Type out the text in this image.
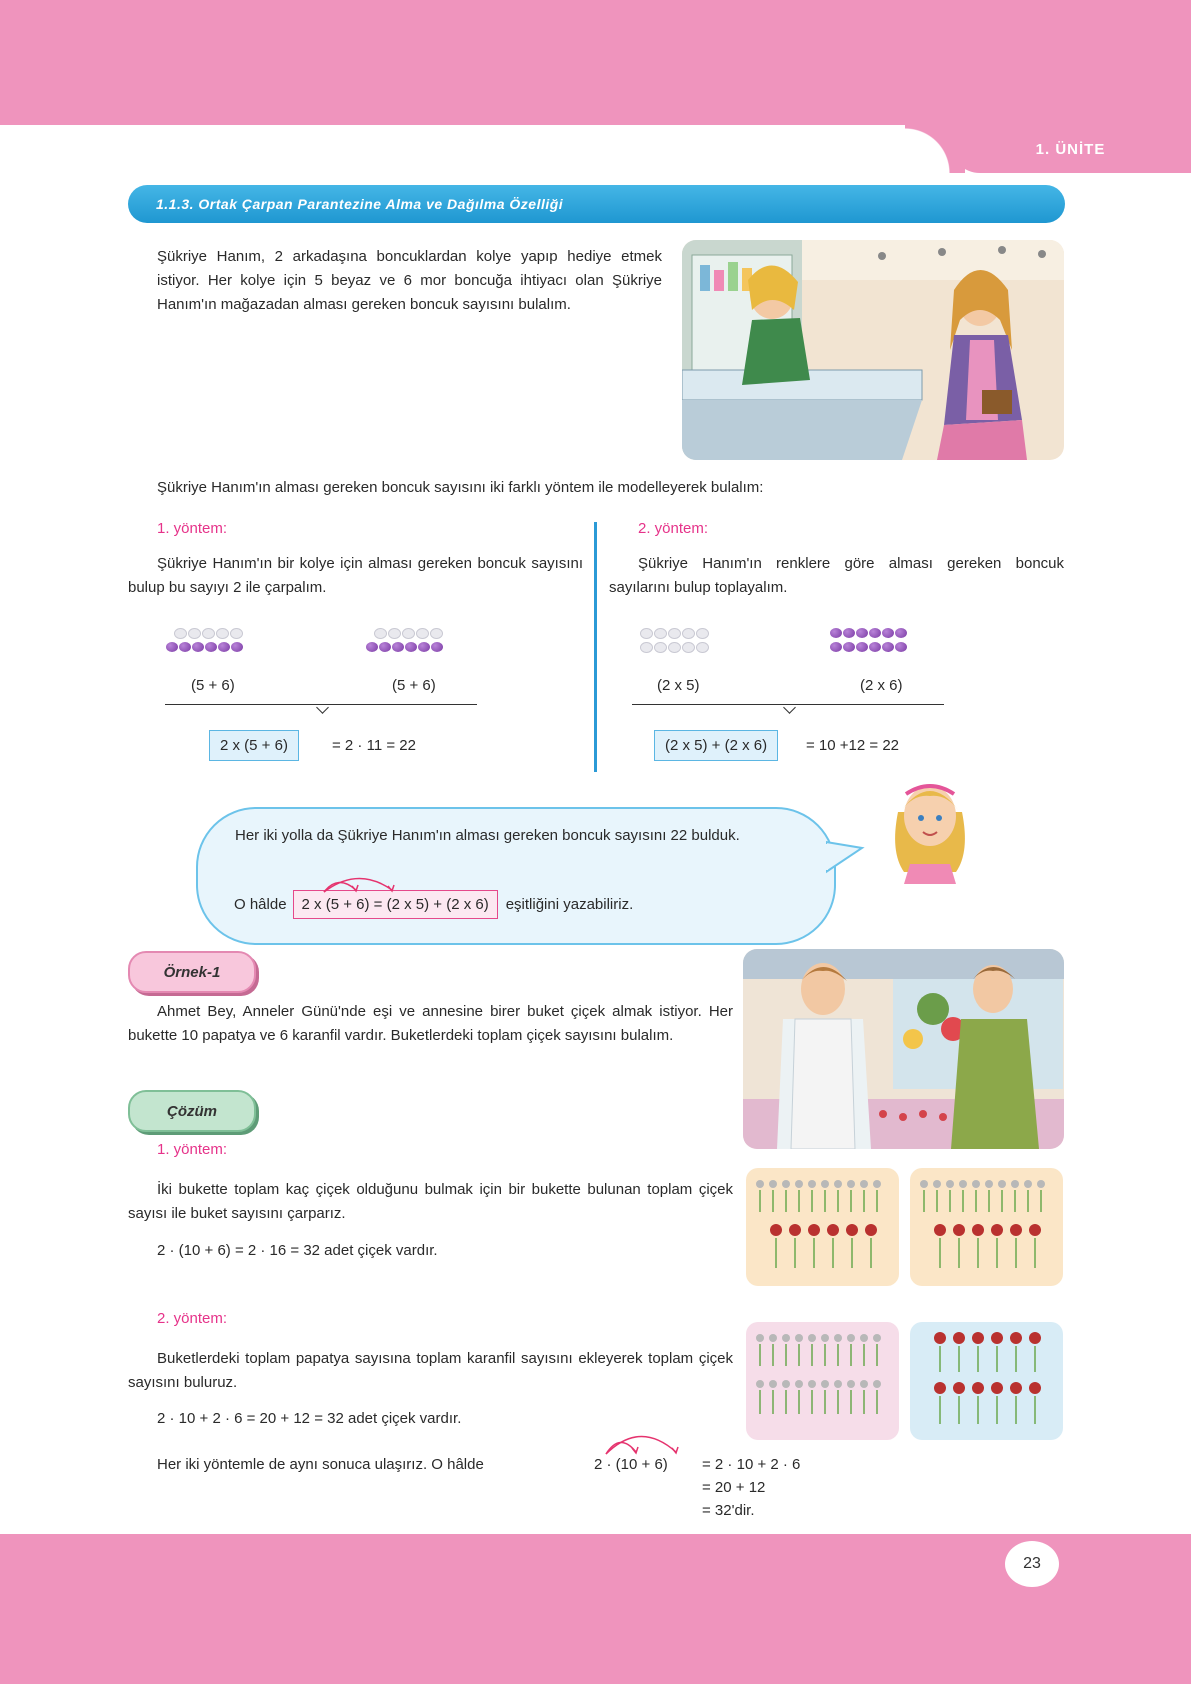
1. ÜNİTE
23
1.1.3. Ortak Çarpan Parantezine Alma ve Dağılma Özelliği

Şükriye Hanım, 2 arkadaşına boncuklardan kolye yapıp hediye etmek istiyor. Her kolye için 5 beyaz ve 6 mor boncuğa ihtiyacı olan Şükriye Hanım'ın mağazadan alması gereken boncuk sayısını bulalım.

Şükriye Hanım'ın alması gereken boncuk sayısını iki farklı yöntem ile modelleyerek bulalım:

1. yöntem:

Şükriye Hanım'ın bir kolye için alması gereken boncuk sayısını bulup bu sayıyı 2 ile çarpalım.

(5 + 6)	(5 + 6)
2 x (5 + 6)	= 2 · 11 = 22
2. yöntem:

Şükriye Hanım'ın renklere göre alması gereken boncuk sayılarını bulup toplayalım.

(2 x 5)	(2 x 6)
(2 x 5) + (2 x 6)	= 10 +12 = 22

Her iki yolla da Şükriye Hanım'ın alması gereken boncuk sayısını 22 bulduk.

O hâlde	2 x (5 + 6) = (2 x 5) + (2 x 6)	eşitliğini yazabiliriz.
Örnek-1

Ahmet Bey, Anneler Günü'nde eşi ve annesine birer buket çiçek almak istiyor. Her bukette 10 papatya ve 6 karanfil vardır. Buketlerdeki toplam çiçek sayısını bulalım.

Çözüm
1. yöntem:

İki bukette toplam kaç çiçek olduğunu bulmak için bir bukette bulunan toplam çiçek sayısı ile buket sayısını çarparız.

2 · (10 + 6) = 2 · 16 = 32 adet çiçek vardır.
2. yöntem:

Buketlerdeki toplam papatya sayısına toplam karanfil sayısını ekleyerek toplam çiçek sayısını buluruz.

2 · 10 + 2 · 6 = 20 + 12 = 32 adet çiçek vardır.
Her iki yöntemle de aynı sonuca ulaşırız. O hâlde	2 · (10 + 6) = 2 · 10 + 2 · 6
= 20 + 12
= 32'dir.
